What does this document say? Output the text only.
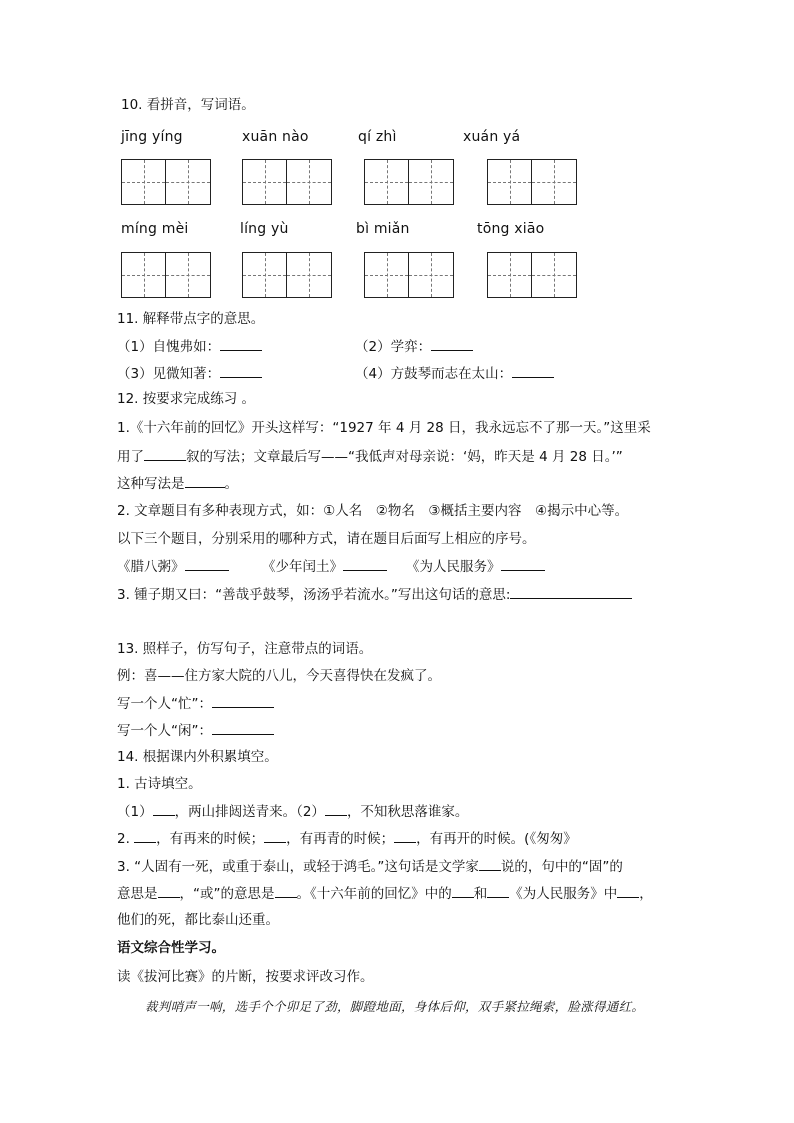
10. 看拼音，写词语。
jīng yíng	xuān nào	qí zhì	xuán yá
míng mèi	líng yù	bì miǎn	tōng xiāo
11. 解释带点字的意思。
（1）自愧弗如：	（2）学弈：
（3）见微知著：	（4）方鼓琴而志在太山：
12. 按要求完成练习 。
1.《十六年前的回忆》开头这样写：“1927 年 4 月 28 日，我永远忘不了那一天。”这里采
用了	叙的写法；文章最后写——“我低声对母亲说：‘妈，昨天是 4 月 28 日。’”
这种写法是	。
2. 文章题目有多种表现方式，如：①人名　②物名　③概括主要内容　④揭示中心等。
以下三个题目，分别采用的哪种方式，请在题目后面写上相应的序号。
《腊八粥》	《少年闰土》	《为人民服务》
3. 锺子期又曰：“善哉乎鼓琴，汤汤乎若流水。”写出这句话的意思:
13. 照样子，仿写句子，注意带点的词语。
例：喜——住方家大院的八儿，今天喜得快在发疯了。
写一个人“忙”：
写一个人“闲”：
14. 根据课内外积累填空。
1. 古诗填空。
（1） ，两山排闼送青来。（2） ，不知秋思落谁家。
2. ，有再来的时候； ，有再青的时候； ，有再开的时候。(《匆匆》
3. “人固有一死，或重于泰山，或轻于鸿毛。”这句话是文学家 说的，句中的“固”的
意思是 ，“或”的意思是 。《十六年前的回忆》中的 和 《为人民服务》中 ，
他们的死，都比泰山还重。
语文综合性学习。
读《拔河比赛》的片断，按要求评改习作。
裁判哨声一响，选手个个卯足了劲，脚蹬地面，身体后仰，双手紧拉绳索，脸涨得通红。
